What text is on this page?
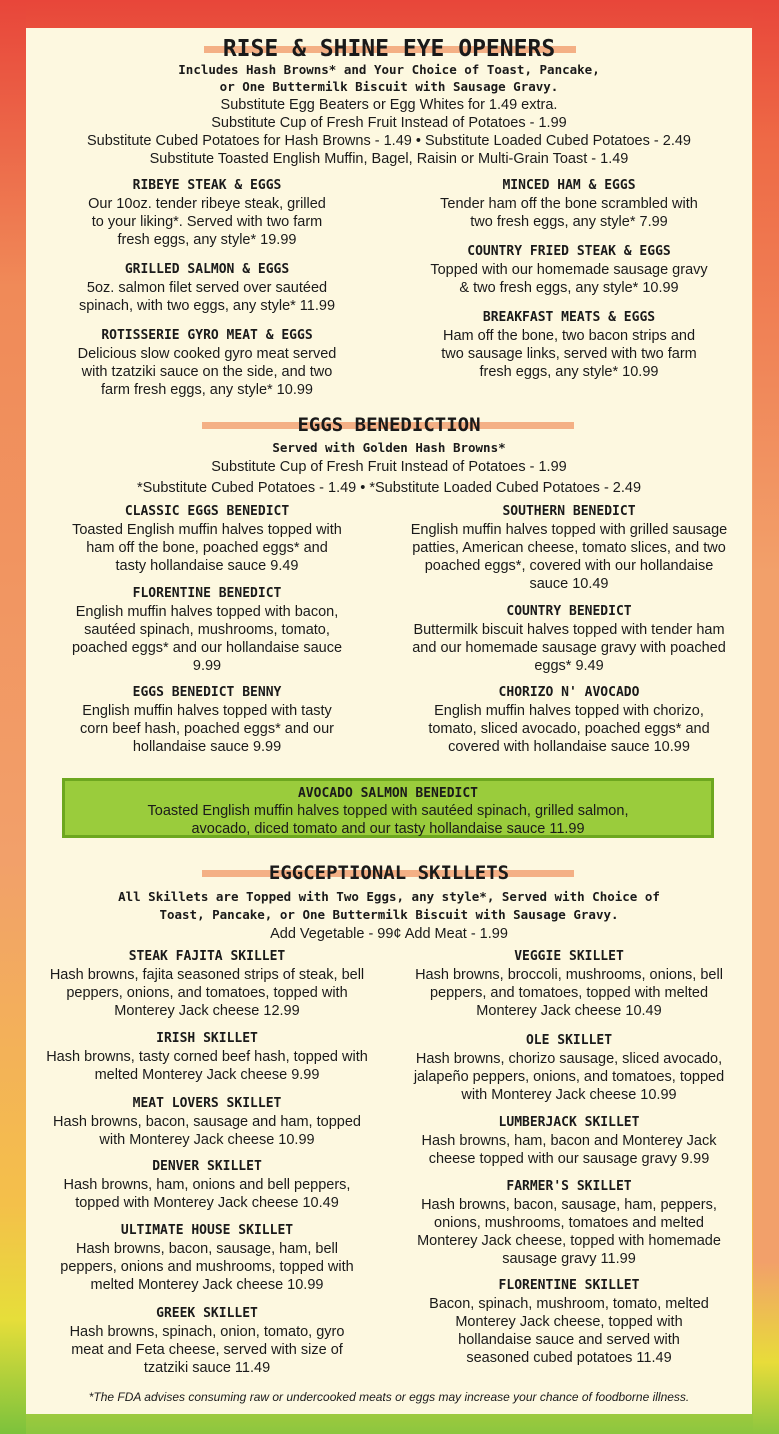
RISE & SHINE EYE OPENERS
Includes Hash Browns* and Your Choice of Toast, Pancake,
or One Buttermilk Biscuit with Sausage Gravy.
Substitute Egg Beaters or Egg Whites for 1.49 extra.
Substitute Cup of Fresh Fruit Instead of Potatoes - 1.99
Substitute Cubed Potatoes for Hash Browns - 1.49 • Substitute Loaded Cubed Potatoes - 2.49
Substitute Toasted English Muffin, Bagel, Raisin or Multi-Grain Toast - 1.49
RIBEYE STEAK & EGGS
Our 10oz. tender ribeye steak, grilled to your liking*. Served with two farm fresh eggs, any style* 19.99
GRILLED SALMON & EGGS
5oz. salmon filet served over sautéed spinach, with two eggs, any style* 11.99
ROTISSERIE GYRO MEAT & EGGS
Delicious slow cooked gyro meat served with tzatziki sauce on the side, and two farm fresh eggs, any style* 10.99
MINCED HAM & EGGS
Tender ham off the bone scrambled with two fresh eggs, any style* 7.99
COUNTRY FRIED STEAK & EGGS
Topped with our homemade sausage gravy & two fresh eggs, any style* 10.99
BREAKFAST MEATS & EGGS
Ham off the bone, two bacon strips and two sausage links, served with two farm fresh eggs, any style* 10.99
EGGS BENEDICTION
Served with Golden Hash Browns*
Substitute Cup of Fresh Fruit Instead of Potatoes - 1.99
*Substitute Cubed Potatoes - 1.49 • *Substitute Loaded Cubed Potatoes - 2.49
CLASSIC EGGS BENEDICT
Toasted English muffin halves topped with ham off the bone, poached eggs* and tasty hollandaise sauce 9.49
FLORENTINE BENEDICT
English muffin halves topped with bacon, sautéed spinach, mushrooms, tomato, poached eggs* and our hollandaise sauce 9.99
EGGS BENEDICT BENNY
English muffin halves topped with tasty corn beef hash, poached eggs* and our hollandaise sauce 9.99
SOUTHERN BENEDICT
English muffin halves topped with grilled sausage patties, American cheese, tomato slices, and two poached eggs*, covered with our hollandaise sauce 10.49
COUNTRY BENEDICT
Buttermilk biscuit halves topped with tender ham and our homemade sausage gravy with poached eggs* 9.49
CHORIZO N' AVOCADO
English muffin halves topped with chorizo, tomato, sliced avocado, poached eggs* and covered with hollandaise sauce 10.99
AVOCADO SALMON BENEDICT
Toasted English muffin halves topped with sautéed spinach, grilled salmon,
avocado, diced tomato and our tasty hollandaise sauce 11.99
EGGCEPTIONAL SKILLETS
All Skillets are Topped with Two Eggs, any style*, Served with Choice of
Toast, Pancake, or One Buttermilk Biscuit with Sausage Gravy.
Add Vegetable - 99¢ Add Meat - 1.99
STEAK FAJITA SKILLET
Hash browns, fajita seasoned strips of steak, bell peppers, onions, and tomatoes, topped with Monterey Jack cheese 12.99
IRISH SKILLET
Hash browns, tasty corned beef hash, topped with melted Monterey Jack cheese 9.99
MEAT LOVERS SKILLET
Hash browns, bacon, sausage and ham, topped with Monterey Jack cheese 10.99
DENVER SKILLET
Hash browns, ham, onions and bell peppers, topped with Monterey Jack cheese 10.49
ULTIMATE HOUSE SKILLET
Hash browns, bacon, sausage, ham, bell peppers, onions and mushrooms, topped with melted Monterey Jack cheese 10.99
GREEK SKILLET
Hash browns, spinach, onion, tomato, gyro meat and Feta cheese, served with size of tzatziki sauce 11.49
VEGGIE SKILLET
Hash browns, broccoli, mushrooms, onions, bell peppers, and tomatoes, topped with melted Monterey Jack cheese 10.49
OLE SKILLET
Hash browns, chorizo sausage, sliced avocado, jalapeño peppers, onions, and tomatoes, topped with Monterey Jack cheese 10.99
LUMBERJACK SKILLET
Hash browns, ham, bacon and Monterey Jack cheese topped with our sausage gravy 9.99
FARMER'S SKILLET
Hash browns, bacon, sausage, ham, peppers, onions, mushrooms, tomatoes and melted Monterey Jack cheese, topped with homemade sausage gravy 11.99
FLORENTINE SKILLET
Bacon, spinach, mushroom, tomato, melted Monterey Jack cheese, topped with hollandaise sauce and served with seasoned cubed potatoes 11.49
*The FDA advises consuming raw or undercooked meats or eggs may increase your chance of foodborne illness.
